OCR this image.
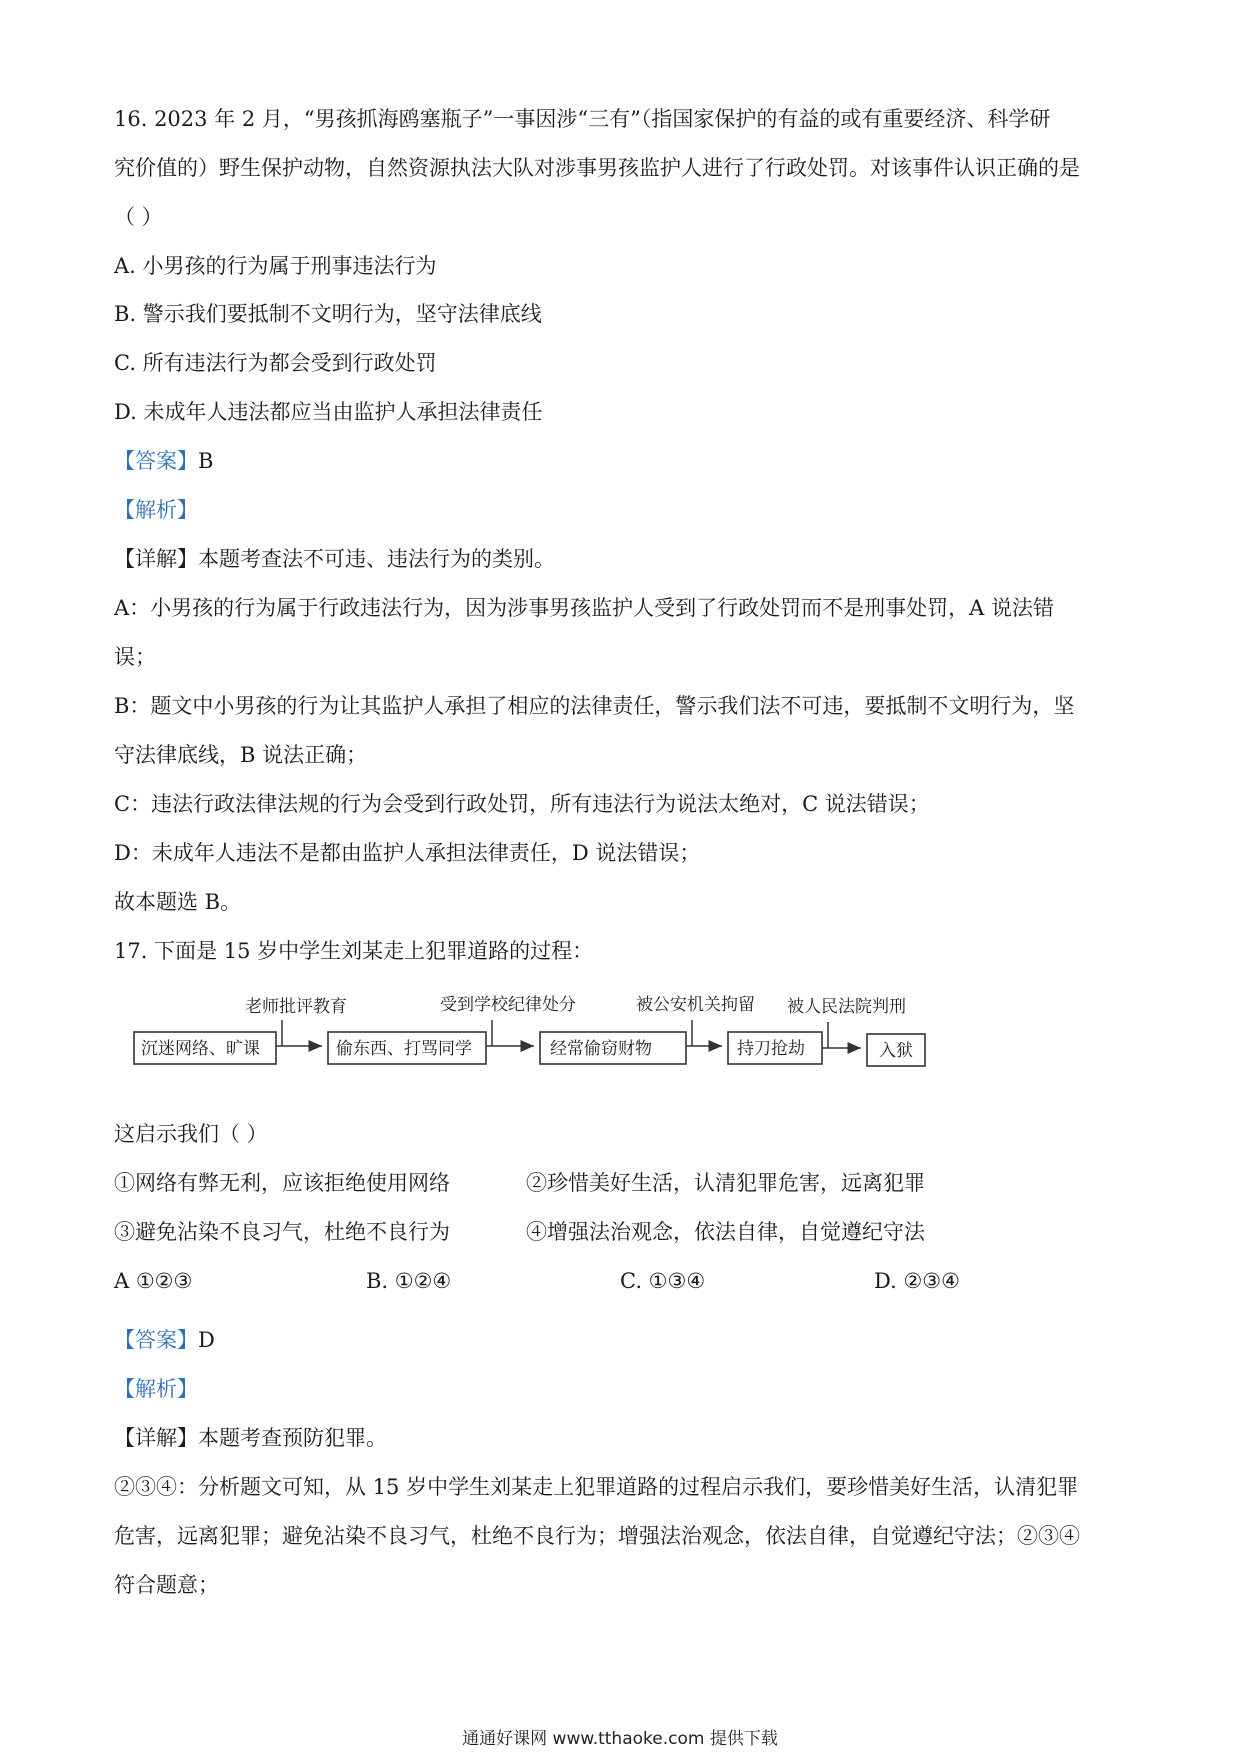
16. 2023 年 2 月，“男孩抓海鸥塞瓶子”一事因涉“三有”（指国家保护的有益的或有重要经济、科学研
究价值的）野生保护动物，自然资源执法大队对涉事男孩监护人进行了行政处罚。对该事件认识正确的是
（ ）
A. 小男孩的行为属于刑事违法行为
B. 警示我们要抵制不文明行为，坚守法律底线
C. 所有违法行为都会受到行政处罚
D. 未成年人违法都应当由监护人承担法律责任
【答案】B
【解析】
【详解】本题考查法不可违、违法行为的类别。
A：小男孩的行为属于行政违法行为，因为涉事男孩监护人受到了行政处罚而不是刑事处罚，A 说法错
误；
B：题文中小男孩的行为让其监护人承担了相应的法律责任，警示我们法不可违，要抵制不文明行为，坚
守法律底线，B 说法正确；
C：违法行政法律法规的行为会受到行政处罚，所有违法行为说法太绝对，C 说法错误；
D：未成年人违法不是都由监护人承担法律责任，D 说法错误；
故本题选 B。
17. 下面是 15 岁中学生刘某走上犯罪道路的过程：
老师批评教育	受到学校纪律处分	被公安机关拘留 被人民法院判刑
沉迷网络、旷课	偷东西、打骂同学	经常偷窃财物	持刀抢劫	入狱
这启示我们（ ）
①网络有弊无利，应该拒绝使用网络	②珍惜美好生活，认清犯罪危害，远离犯罪
③避免沾染不良习气，杜绝不良行为	④增强法治观念，依法自律，自觉遵纪守法
A ①②③	B. ①②④	C. ①③④	D. ②③④
【答案】D
【解析】
【详解】本题考查预防犯罪。
②③④：分析题文可知，从 15 岁中学生刘某走上犯罪道路的过程启示我们，要珍惜美好生活，认清犯罪
危害，远离犯罪；避免沾染不良习气，杜绝不良行为；增强法治观念，依法自律，自觉遵纪守法；②③④
符合题意；
通通好课网 www.tthaoke.com 提供下载
